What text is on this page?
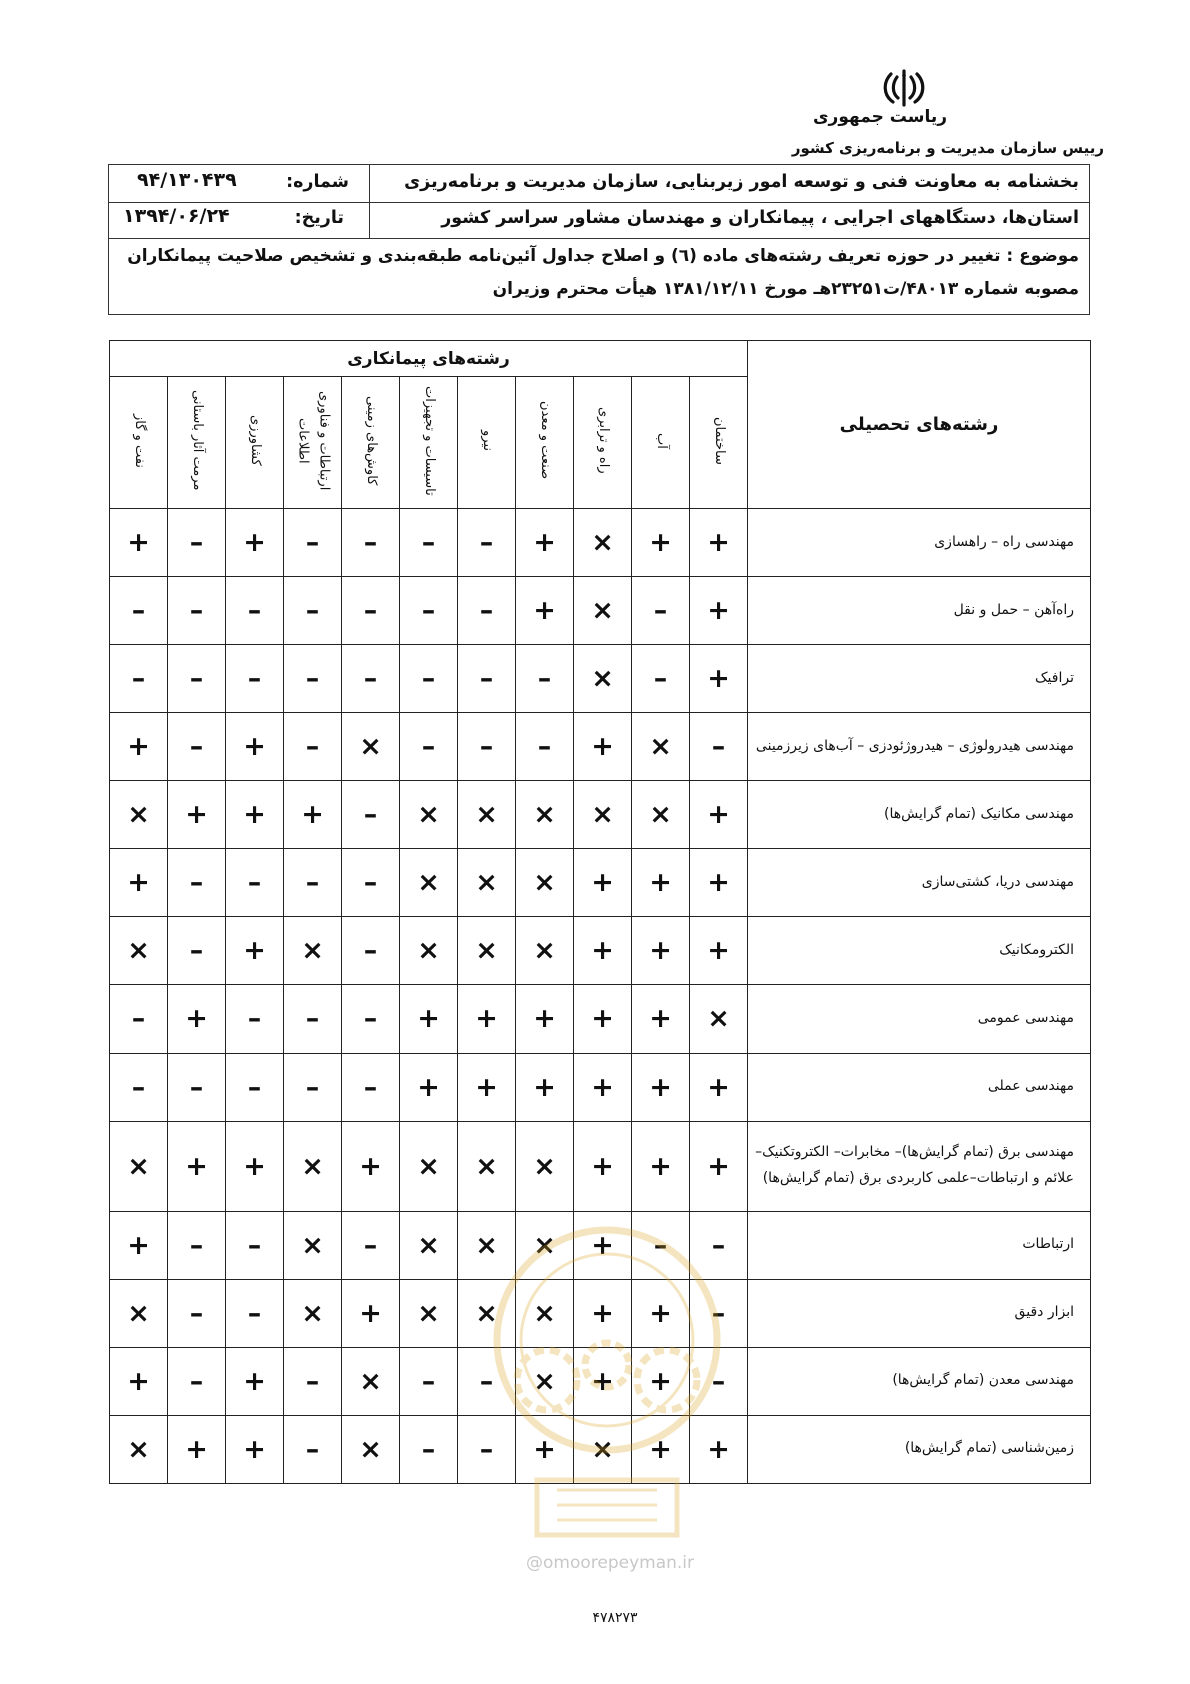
ریاست جمهوری
رییس سازمان مدیریت و برنامه‌ریزی کشور
بخشنامه به معاونت فنی و توسعه امور زیربنایی، سازمان مدیریت و برنامه‌ریزی
استان‌ها، دستگاههای اجرایی ، پیمانکاران و مهندسان مشاور سراسر کشور
شماره:
۹۴/۱۳۰۴۳۹
تاریخ:
۱۳۹۴/۰۶/۲۴
موضوع : تغییر در حوزه تعریف رشته‌های ماده (٦) و اصلاح جداول آئین‌نامه طبقه‌بندی و تشخیص صلاحیت پیمانکاران
مصوبه شماره ۴۸۰۱۳/ت۲۳۲۵۱هـ مورخ ۱۳۸۱/۱۲/۱۱ هیأت محترم وزیران
رشته‌های تحصیلی	رشته‌های پیمانکاری										
	ساختمان	آب	راه و ترابری	صنعت و معدن	نیرو	تاسیسات و تجهیزات	کاوش‌های زمینی	ارتباطات و فناوری اطلاعات	کشاورزی	مرمت آثار باستانی	نفت و گاز
مهندسی راه – راهسازی	+	+	×	+	–	–	–	–	+	–	+
راه‌آهن – حمل و نقل	+	–	×	+	–	–	–	–	–	–	–
ترافیک	+	–	×	–	–	–	–	–	–	–	–
مهندسی هیدرولوژی – هیدروژئودزی – آب‌های زیرزمینی	–	×	+	–	–	–	×	–	+	–	+
مهندسی مکانیک (تمام گرایش‌ها)	+	×	×	×	×	×	–	+	+	+	×
مهندسی دریا، کشتی‌سازی	+	+	+	×	×	×	–	–	–	–	+
الکترومکانیک	+	+	+	×	×	×	–	×	+	–	×
مهندسی عمومی	×	+	+	+	+	+	–	–	–	+	–
مهندسی عملی	+	+	+	+	+	+	–	–	–	–	–
مهندسی برق (تمام گرایش‌ها)– مخابرات– الکتروتکنیک– علائم و ارتباطات–علمی کاربردی برق (تمام گرایش‌ها)	+	+	+	×	×	×	+	×	+	+	×
ارتباطات	–	–	+	×	×	×	–	×	–	–	+
ابزار دقیق	–	+	+	×	×	×	+	×	–	–	×
مهندسی معدن (تمام گرایش‌ها)	–	+	+	×	–	–	×	–	+	–	+
زمین‌شناسی (تمام گرایش‌ها)	+	+	×	+	–	–	×	–	+	+	×
@omoorepeyman.ir
۴۷۸۲۷۳
